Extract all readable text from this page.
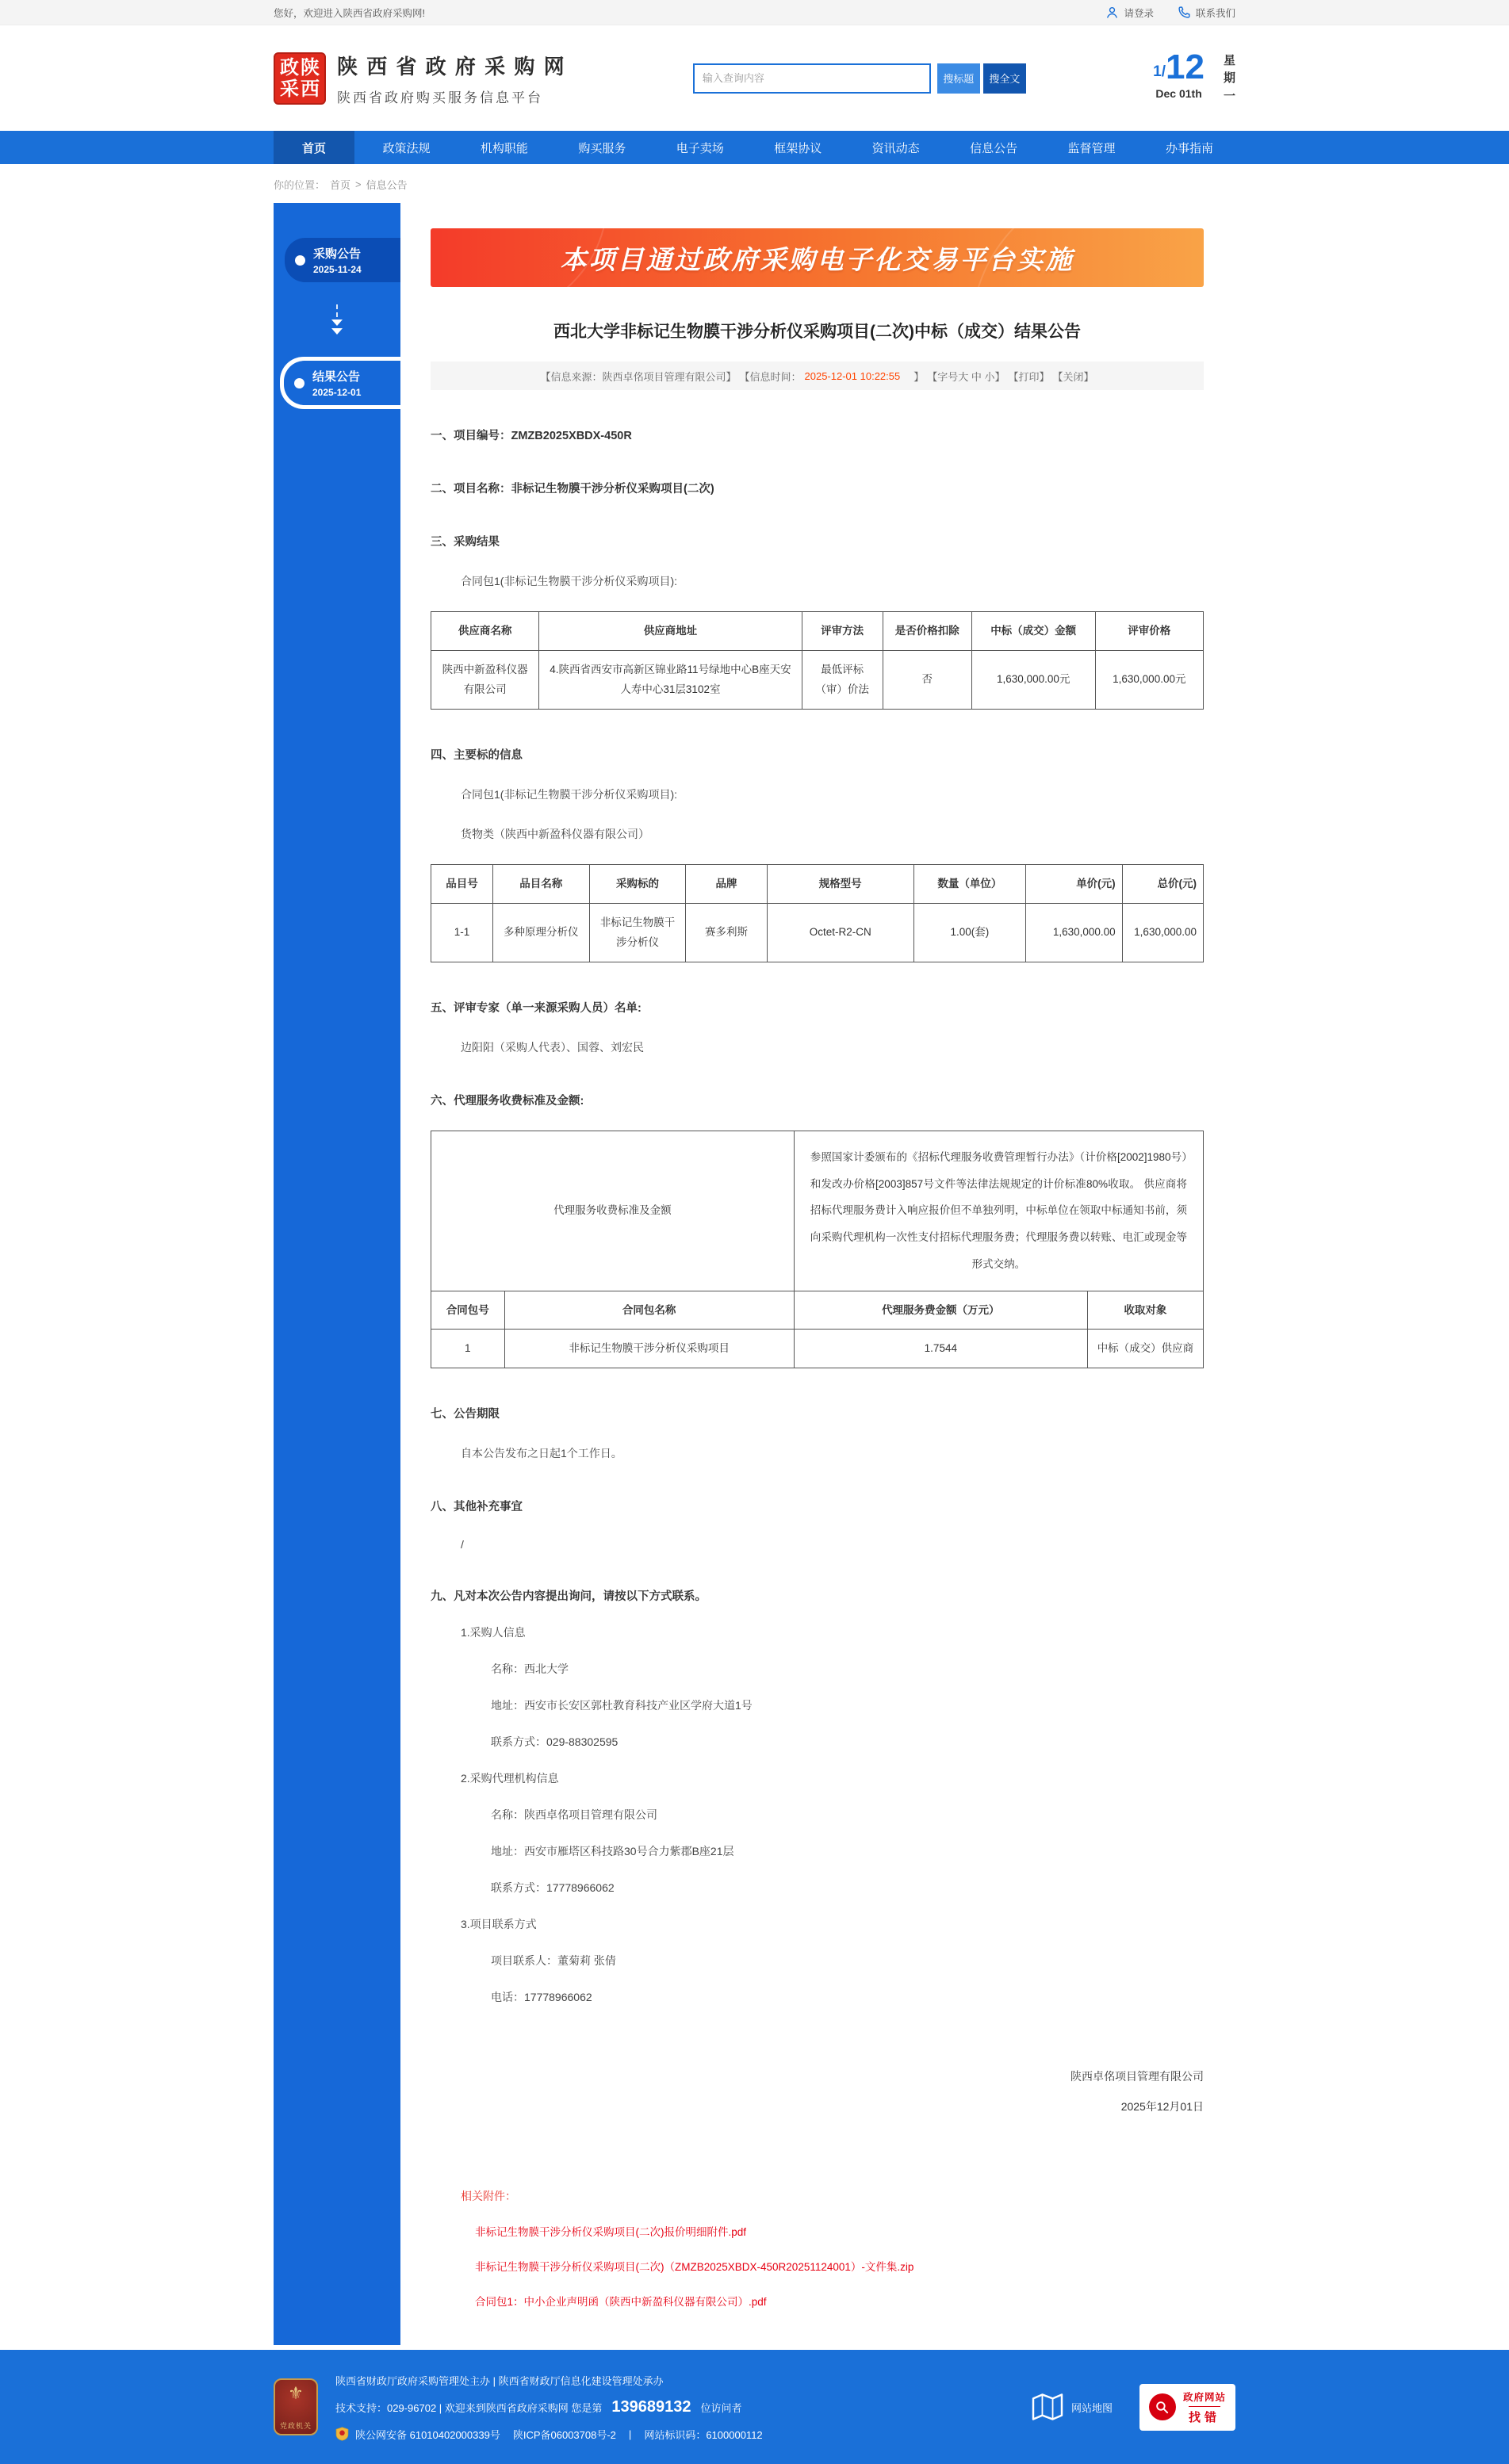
您好，欢迎进入陕西省政府采购网!	请登录	联系我们
政 陕
采 西
陕 西 省 政 府 采 购 网
陕西省政府购买服务信息平台
输入查询内容
搜标题	搜全文	1/ 12
Dec 01th
星
期
一
首页	政策法规	机构职能	购买服务	电子卖场	框架协议	资讯动态	信息公告	监督管理	办事指南
你的位置： 首页 > 信息公告
采购公告
2025-11-24
结果公告
2025-12-01
本项目通过政府采购电子化交易平台实施
西北大学非标记生物膜干涉分析仪采购项目(二次)中标（成交）结果公告
【信息来源：陕西卓佲项目管理有限公司】 【信息时间： 2025-12-01 10:22:55 　】 【字号大 中 小】 【打印】 【关闭】

一、项目编号：ZMZB2025XBDX-450R

二、项目名称：非标记生物膜干涉分析仪采购项目(二次)

三、采购结果

合同包1(非标记生物膜干涉分析仪采购项目):

供应商名称	供应商地址	评审方法	是否价格扣除	中标（成交）金额	评审价格
陕西中新盈科仪器有限公司	4.陕西省西安市高新区锦业路11号绿地中心B座天安人寿中心31层3102室	最低评标（审）价法	否	1,630,000.00元	1,630,000.00元

四、主要标的信息

合同包1(非标记生物膜干涉分析仪采购项目):

货物类（陕西中新盈科仪器有限公司）

品目号	品目名称	采购标的	品牌	规格型号	数量（单位）	单价(元)	总价(元)
1-1	多种原理分析仪	非标记生物膜干涉分析仪	赛多利斯	Octet-R2-CN	1.00(套)	1,630,000.00	1,630,000.00

五、评审专家（单一来源采购人员）名单:

边阳阳（采购人代表）、国蓉、刘宏民

六、代理服务收费标准及金额:

代理服务收费标准及金额		参照国家计委颁布的《招标代理服务收费管理暂行办法》（计价格[2002]1980号）和发改办价格[2003]857号文件等法律法规规定的计价标准80%收取。 供应商将招标代理服务费计入响应报价但不单独列明，中标单位在领取中标通知书前，须向采购代理机构一次性支付招标代理服务费；代理服务费以转账、电汇或现金等形式交纳。	
合同包号	合同包名称	代理服务费金额（万元）	收取对象
1	非标记生物膜干涉分析仪采购项目	1.7544	中标（成交）供应商

七、公告期限

自本公告发布之日起1个工作日。

八、其他补充事宜

/

九、凡对本次公告内容提出询问，请按以下方式联系。

1.采购人信息

名称：西北大学

地址：西安市长安区郭杜教育科技产业区学府大道1号

联系方式：029-88302595

2.采购代理机构信息

名称：陕西卓佲项目管理有限公司

地址：西安市雁塔区科技路30号合力紫郡B座21层

联系方式：17778966062

3.项目联系方式

项目联系人：董菊莉 张倩

电话：17778966062

陕西卓佲项目管理有限公司
2025年12月01日
相关附件：
非标记生物膜干涉分析仪采购项目(二次)报价明细附件.pdf
非标记生物膜干涉分析仪采购项目(二次)（ZMZB2025XBDX-450R20251124001）-文件集.zip
合同包1：中小企业声明函（陕西中新盈科仪器有限公司）.pdf
⚜
党政机关
陕西省财政厅政府采购管理处主办 | 陕西省财政厅信息化建设管理处承办
技术支持：029-96702 | 欢迎来到陕西省政府采购网 您是第 139689132 位访问者
陕公网安备 61010402000339号 陕ICP备06003708号-2 | 网站标识码：6100000112
网站地图
政府网站
找错
